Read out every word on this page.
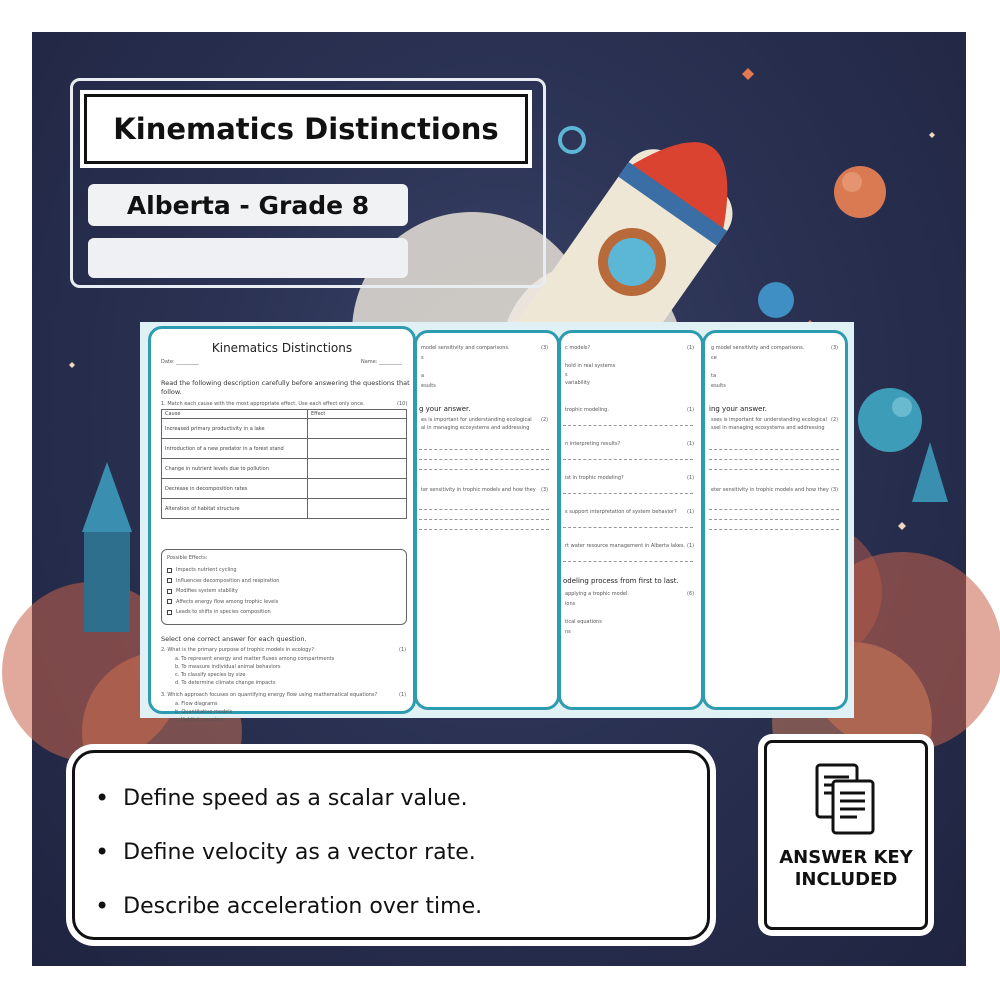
Kinematics Distinctions
Alberta - Grade 8
g model sensitivity and comparisons.	(3)
ce
ta
esults
ing your answer.
sses is important for understanding ecological (2)
ssel in managing ecosystems and addressing
eter sensitivity in trophic models and how they (3)
c models?	(1)
hold in real systems
s
variability
trophic modeling.	(1)
n interpreting results?	(1)
ist in trophic modeling?	(1)
s support interpretation of system behavior? (1)
rt water resource management in Alberta lakes. (1)
odeling process from first to last.
applying a trophic model.	(6)
ions
tical equations
ns
model sensitivity and comparisons.	(3)
s
a
esults
g your answer.
es is important for understanding ecological (2)
al in managing ecosystems and addressing
ter sensitivity in trophic models and how they (3)
Kinematics Distinctions
Date: _________	Name: _________
Read the following description carefully before answering the questions that
follow.
1. Match each cause with the most appropriate effect. Use each effect only once.	(10)
Cause	Effect
Increased primary productivity in a lake	
Introduction of a new predator in a forest stand	
Change in nutrient levels due to pollution	
Decrease in decomposition rates	
Alteration of habitat structure	
Possible Effects:
Impacts nutrient cycling
Influences decomposition and respiration
Modifies system stability
Affects energy flow among trophic levels
Leads to shifts in species composition
Select one correct answer for each question.
2. What is the primary purpose of trophic models in ecology?	(1)
a. To represent energy and matter fluxes among compartments
b. To measure individual animal behaviors
c. To classify species by size
d. To determine climate change impacts
3. Which approach focuses on quantifying energy flow using mathematical equations?	(1)
a. Flow diagrams
b. Quantitative models
c. Habitat mapping
• Define speed as a scalar value.
• Define velocity as a vector rate.
• Describe acceleration over time.
ANSWER KEY
INCLUDED
